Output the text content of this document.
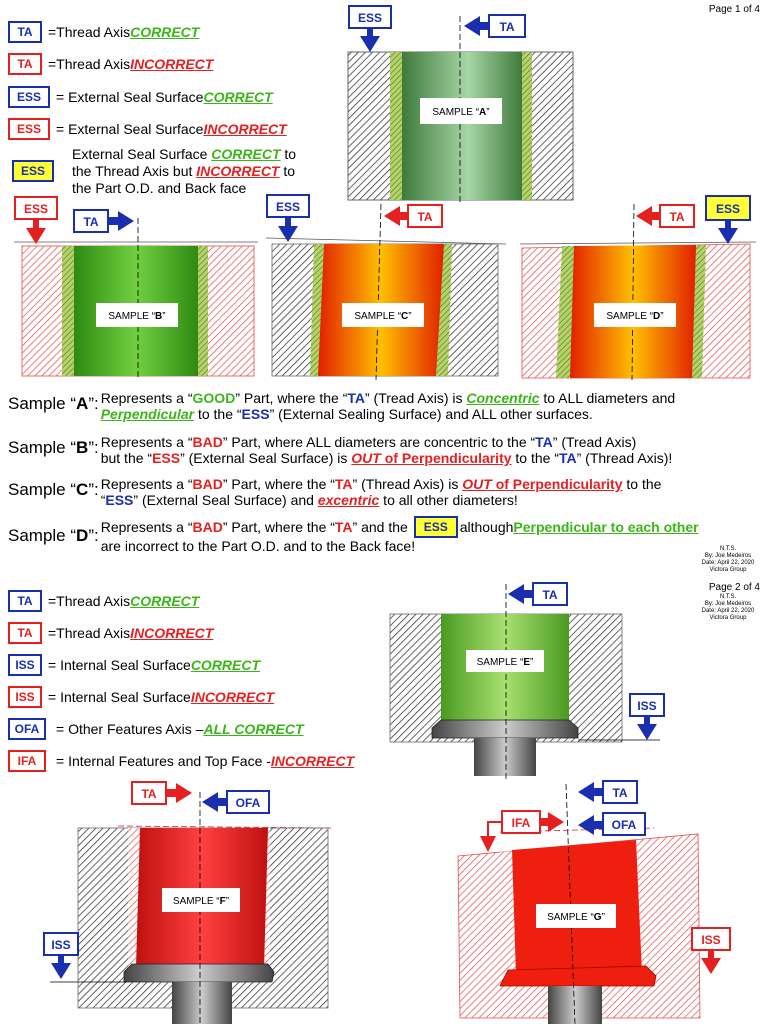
Page 1 of 4
TA	=Thread Axis CORRECT
TA	=Thread Axis INCORRECT
ESS	= External Seal Surface CORRECT
ESS	= External Seal Surface INCORRECT
ESS
External Seal Surface CORRECT to
the Thread Axis but INCORRECT to
the Part O.D. and Back face
SAMPLE “A”
ESS
TA
SAMPLE “B”
ESS
TA
SAMPLE “C”
ESS
TA
SAMPLE “D”
TA
ESS
Sample “A”: Represents a “GOOD” Part, where the “TA” (Tread Axis) is Concentric to ALL diameters and
Perpendicular to the “ESS” (External Sealing Surface) and ALL other surfaces.
Sample “B”: Represents a “BAD” Part, where ALL diameters are concentric to the “TA” (Tread Axis)
but the “ESS” (External Seal Surface) is OUT of Perpendicularity to the “TA” (Thread Axis)!
Sample “C”: Represents a “BAD” Part, where the “TA” (Thread Axis) is OUT of Perpendicularity to the
“ESS” (External Seal Surface) and excentric to all other diameters!
Sample “D”: Represents a “ BAD ” Part, where the “ TA ” and the
	ESS although Perpendicular to each other
are incorrect to the Part O.D. and to the Back face!	N.T.S.
By: Joe Medeiros
Date: April 22, 2020
Victora Group
Page 2 of 4
N.T.S.
By: Joe Medeiros
Date: April 22, 2020
Victora Group
TA	=Thread Axis CORRECT
TA	=Thread Axis INCORRECT
ISS = Internal Seal Surface CORRECT
ISS = Internal Seal Surface INCORRECT
OFA	= Other Features Axis – ALL CORRECT
IFA	= Internal Features and Top Face - INCORRECT
SAMPLE “E”
TA
ISS
SAMPLE “F”
TA
OFA
ISS
SAMPLE “G”
TA
OFA
IFA
ISS
